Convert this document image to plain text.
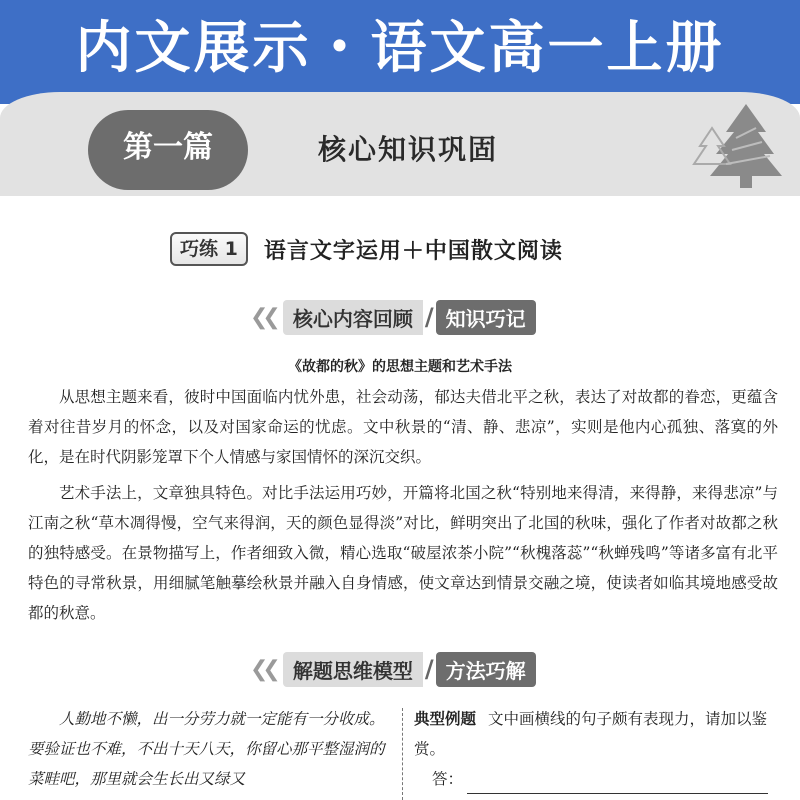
内文展示・语文高一上册
第一篇	核心知识巩固
巧练 1	语言文字运用＋中国散文阅读
❮❮ 核心内容回顾 / 知识巧记
《故都的秋》的思想主题和艺术手法
从思想主题来看，彼时中国面临内忧外患，社会动荡，郁达夫借北平之秋，表达了对故都的眷恋，更蕴含着对往昔岁月的怀念，以及对国家命运的忧虑。文中秋景的“清、静、悲凉”，实则是他内心孤独、落寞的外化，是在时代阴影笼罩下个人情感与家国情怀的深沉交织。
艺术手法上，文章独具特色。对比手法运用巧妙，开篇将北国之秋“特别地来得清，来得静，来得悲凉”与江南之秋“草木凋得慢，空气来得润，天的颜色显得淡”对比，鲜明突出了北国的秋味，强化了作者对故都之秋的独特感受。在景物描写上，作者细致入微，精心选取“破屋浓茶小院”“秋槐落蕊”“秋蝉残鸣”等诸多富有北平特色的寻常秋景，用细腻笔触摹绘秋景并融入自身情感，使文章达到情景交融之境，使读者如临其境地感受故都的秋意。
❮❮ 解题思维模型 / 方法巧解
人勤地不懒，出一分劳力就一定能有一分收成。要验证也不难，不出十天八天，你留心那平整湿润的菜畦吧，那里就会生长出又绿又
典型例题 文中画横线的句子颇有表现力，请加以鉴赏。
答：
